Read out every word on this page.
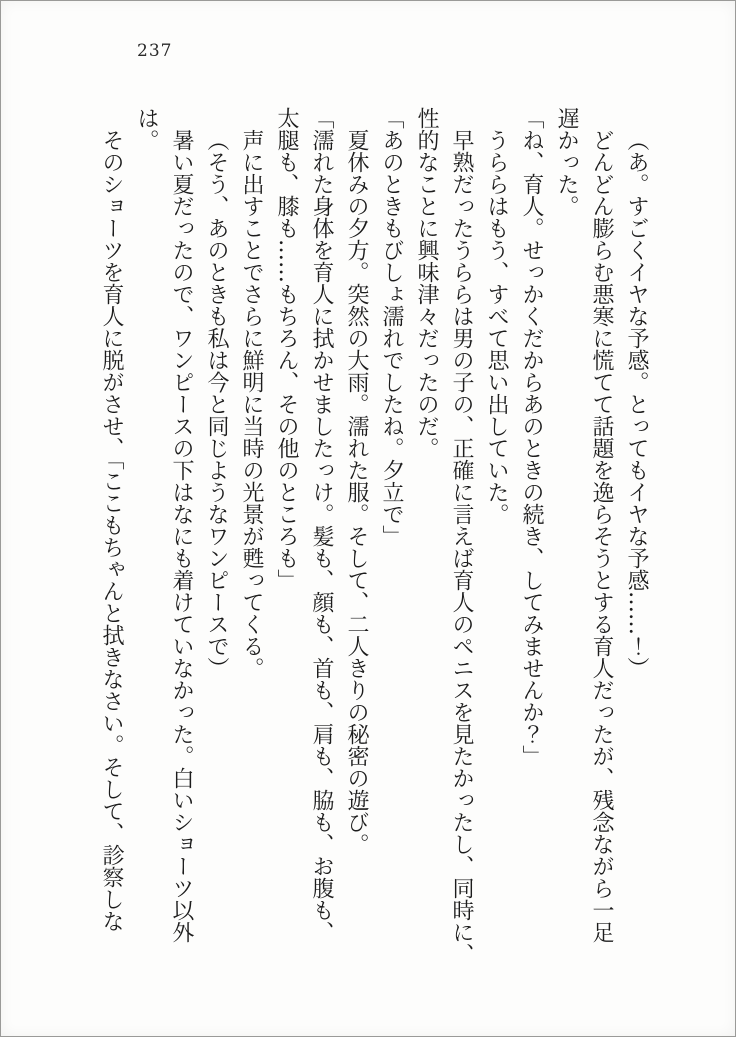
237

（あ。すごくイヤな予感。とってもイヤな予感……！）

どんどん膨らむ悪寒に慌てて話題を逸らそうとする育人だったが、残念ながら一足

遅かった。

「ね、育人。せっかくだからあのときの続き、してみませんか？」

うららはもう、すべて思い出していた。

早熟だったうららは男の子の、正確に言えば育人のペニスを見たかったし、同時に、

性的なことに興味津々だったのだ。

「あのときもびしょ濡れでしたね。夕立で」

夏休みの夕方。突然の大雨。濡れた服。そして、二人きりの秘密の遊び。

「濡れた身体を育人に拭かせましたっけ。髪も、顔も、首も、肩も、脇も、お腹も、

太腿も、膝も……もちろん、その他のところも」

声に出すことでさらに鮮明に当時の光景が甦ってくる。

（そう、あのときも私は今と同じようなワンピースで）

暑い夏だったので、ワンピースの下はなにも着けていなかった。白いショーツ以外

は。

そのショーツを育人に脱がさせ、「ここもちゃんと拭きなさい。そして、診察しな
